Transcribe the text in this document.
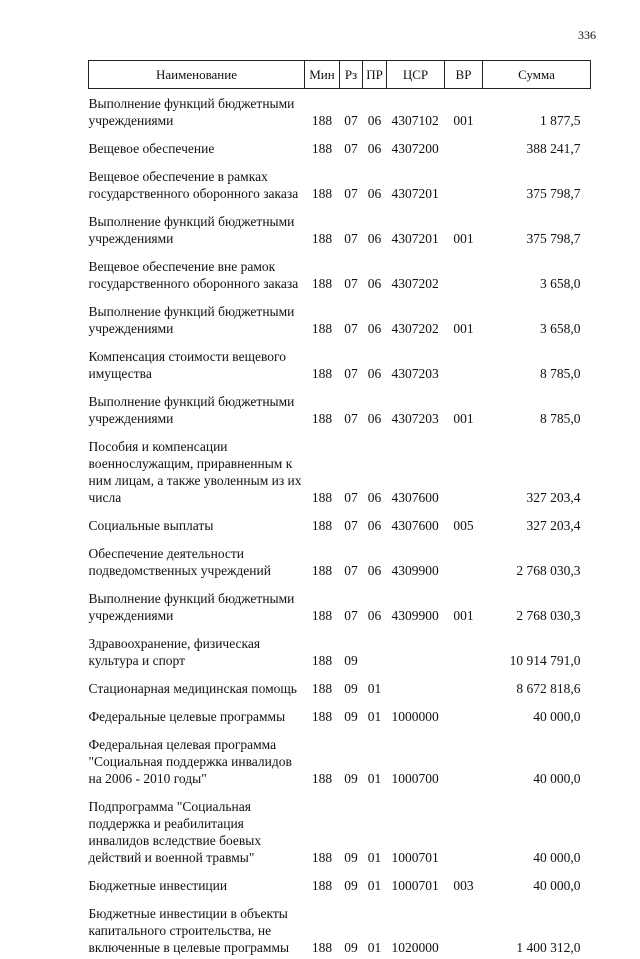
336
Наименование	Мин	Рз	ПР	ЦСР	ВР	Сумма
Выполнение функций бюджетными учреждениями	188	07	06	4307102	001	1 877,5
Вещевое обеспечение	188	07	06	4307200		388 241,7
Вещевое обеспечение в рамках государственного оборонного заказа	188	07	06	4307201		375 798,7
Выполнение функций бюджетными учреждениями	188	07	06	4307201	001	375 798,7
Вещевое обеспечение вне рамок государственного оборонного заказа	188	07	06	4307202		3 658,0
Выполнение функций бюджетными учреждениями	188	07	06	4307202	001	3 658,0
Компенсация стоимости вещевого имущества	188	07	06	4307203		8 785,0
Выполнение функций бюджетными учреждениями	188	07	06	4307203	001	8 785,0
Пособия и компенсации военнослужащим, приравненным к ним лицам, а также уволенным из их числа	188	07	06	4307600		327 203,4
Социальные выплаты	188	07	06	4307600	005	327 203,4
Обеспечение деятельности подведомственных учреждений	188	07	06	4309900		2 768 030,3
Выполнение функций бюджетными учреждениями	188	07	06	4309900	001	2 768 030,3
Здравоохранение, физическая культура и спорт	188	09				10 914 791,0
Стационарная медицинская помощь	188	09	01			8 672 818,6
Федеральные целевые программы	188	09	01	1000000		40 000,0
Федеральная целевая программа "Социальная поддержка инвалидов на 2006 - 2010 годы"	188	09	01	1000700		40 000,0
Подпрограмма "Социальная поддержка и реабилитация инвалидов вследствие боевых действий и военной травмы"	188	09	01	1000701		40 000,0
Бюджетные инвестиции	188	09	01	1000701	003	40 000,0
Бюджетные инвестиции в объекты капитального строительства, не включенные в целевые программы	188	09	01	1020000		1 400 312,0
